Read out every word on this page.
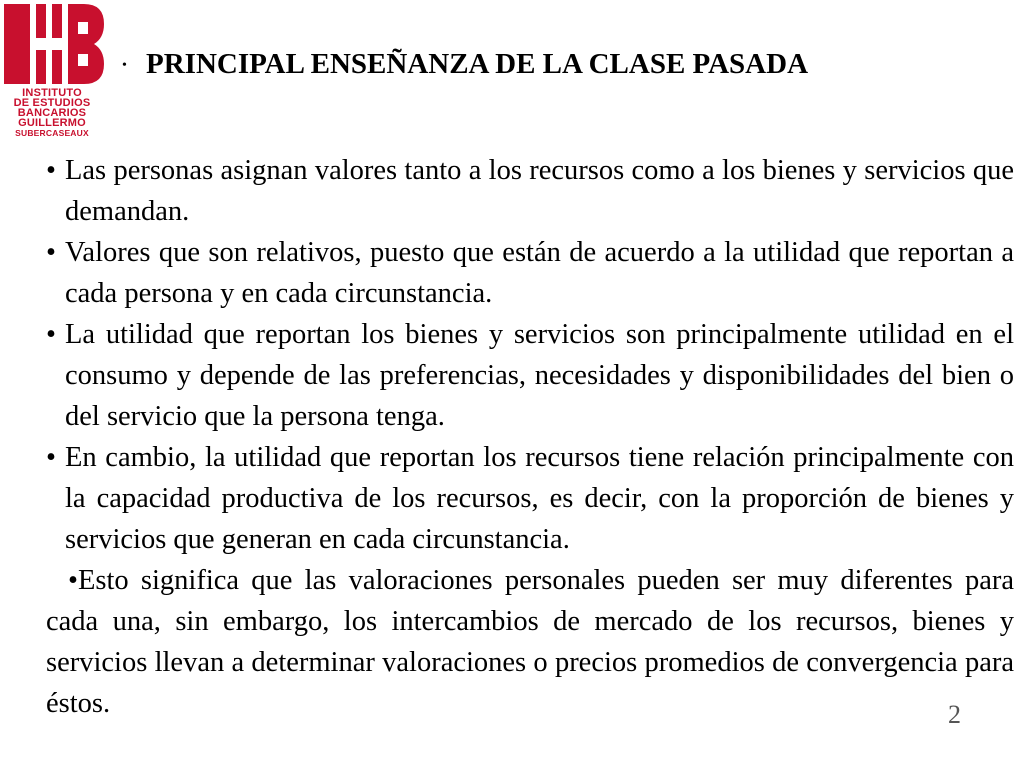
INSTITUTO
DE ESTUDIOS
BANCARIOS
GUILLERMO
SUBERCASEAUX
• PRINCIPAL ENSEÑANZA DE LA CLASE PASADA

• Las personas asignan valores tanto a los recursos como a los bienes y servicios que demandan.

• Valores que son relativos, puesto que están de acuerdo a la utilidad que reportan a cada persona y en cada circunstancia.

• La utilidad que reportan los bienes y servicios son principalmente utilidad en el consumo y depende de las preferencias, necesidades y disponibilidades del bien o del servicio que la persona tenga.

• En cambio, la utilidad que reportan los recursos tiene relación principalmente con la capacidad productiva de los recursos, es decir, con la proporción de bienes y servicios que generan en cada circunstancia.

•Esto significa que las valoraciones personales pueden ser muy diferentes para cada una, sin embargo, los intercambios de mercado de los recursos, bienes y servicios llevan a determinar valoraciones o precios promedios de convergencia para éstos.	2
